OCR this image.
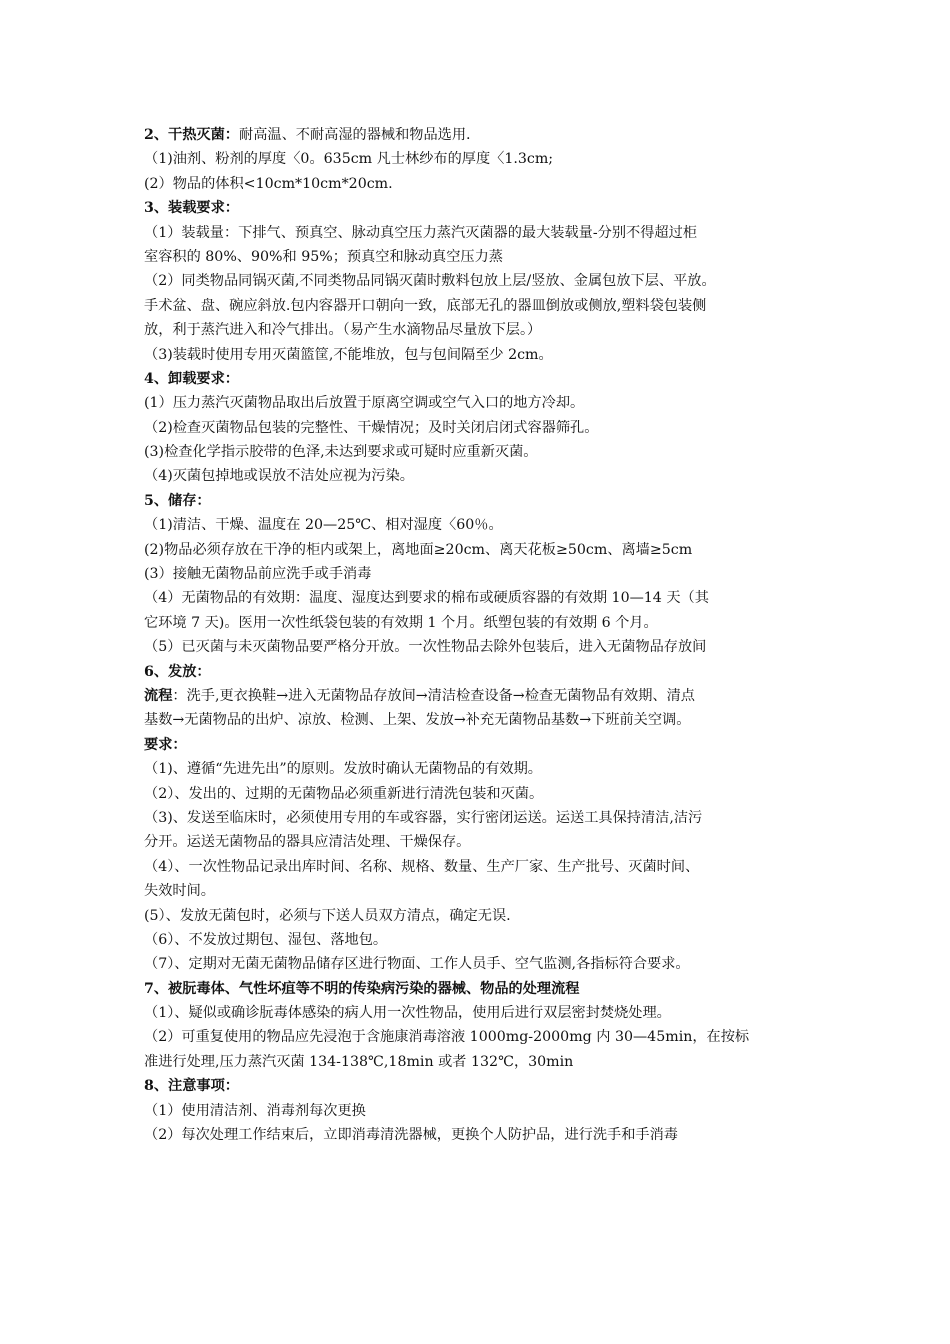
2、干热灭菌：耐高温、不耐高湿的器械和物品选用.

（1)油剂、粉剂的厚度〈0。635cm 凡士林纱布的厚度〈1.3cm;

(2）物品的体积<10cm*10cm*20cm.

3、装载要求：

（1）装载量：下排气、预真空、脉动真空压力蒸汽灭菌器的最大装载量-分别不得超过柜

室容积的 80%、90%和 95%；预真空和脉动真空压力蒸

（2）同类物品同锅灭菌,不同类物品同锅灭菌时敷料包放上层/竖放、金属包放下层、平放。

手术盆、盘、碗应斜放.包内容器开口朝向一致，底部无孔的器皿倒放或侧放,塑料袋包装侧

放，利于蒸汽进入和冷气排出。（易产生水滴物品尽量放下层。）

（3)装载时使用专用灭菌篮筐,不能堆放，包与包间隔至少 2cm。

4、卸载要求：

(1）压力蒸汽灭菌物品取出后放置于原离空调或空气入口的地方冷却。

（2)检查灭菌物品包装的完整性、干燥情况；及时关闭启闭式容器筛孔。

(3)检查化学指示胶带的色泽,未达到要求或可疑时应重新灭菌。

（4)灭菌包掉地或误放不洁处应视为污染。

5、储存：

（1)清洁、干燥、温度在 20—25℃、相对湿度〈60％。

(2)物品必须存放在干净的柜内或架上，离地面≥20cm、离天花板≥50cm、离墙≥5cm

(3）接触无菌物品前应洗手或手消毒

（4）无菌物品的有效期：温度、湿度达到要求的棉布或硬质容器的有效期 10—14 天（其

它环境 7 天)。医用一次性纸袋包装的有效期 1 个月。纸塑包装的有效期 6 个月。

（5）已灭菌与未灭菌物品要严格分开放。一次性物品去除外包装后，进入无菌物品存放间

6、发放：

流程：洗手,更衣换鞋→进入无菌物品存放间→清洁检查设备→检查无菌物品有效期、清点

基数→无菌物品的出炉、凉放、检测、上架、发放→补充无菌物品基数→下班前关空调。

要求：

（1)、遵循“先进先出”的原则。发放时确认无菌物品的有效期。

（2）、发出的、过期的无菌物品必须重新进行清洗包装和灭菌。

（3)、发送至临床时，必须使用专用的车或容器，实行密闭运送。运送工具保持清洁,洁污

分开。运送无菌物品的器具应清洁处理、干燥保存。

（4）、一次性物品记录出库时间、名称、规格、数量、生产厂家、生产批号、灭菌时间、

失效时间。

(5）、发放无菌包时，必须与下送人员双方清点，确定无误.

（6）、不发放过期包、湿包、落地包。

（7）、定期对无菌无菌物品储存区进行物面、工作人员手、空气监测,各指标符合要求。

7、被朊毒体、气性坏疽等不明的传染病污染的器械、物品的处理流程

（1）、疑似或确诊朊毒体感染的病人用一次性物品，使用后进行双层密封焚烧处理。

（2）可重复使用的物品应先浸泡于含施康消毒溶液 1000mg-2000mg 内 30—45min，在按标

准进行处理,压力蒸汽灭菌 134-138℃,18min 或者 132℃，30min

8、注意事项：

（1）使用清洁剂、消毒剂每次更换

（2）每次处理工作结束后，立即消毒清洗器械，更换个人防护品，进行洗手和手消毒
